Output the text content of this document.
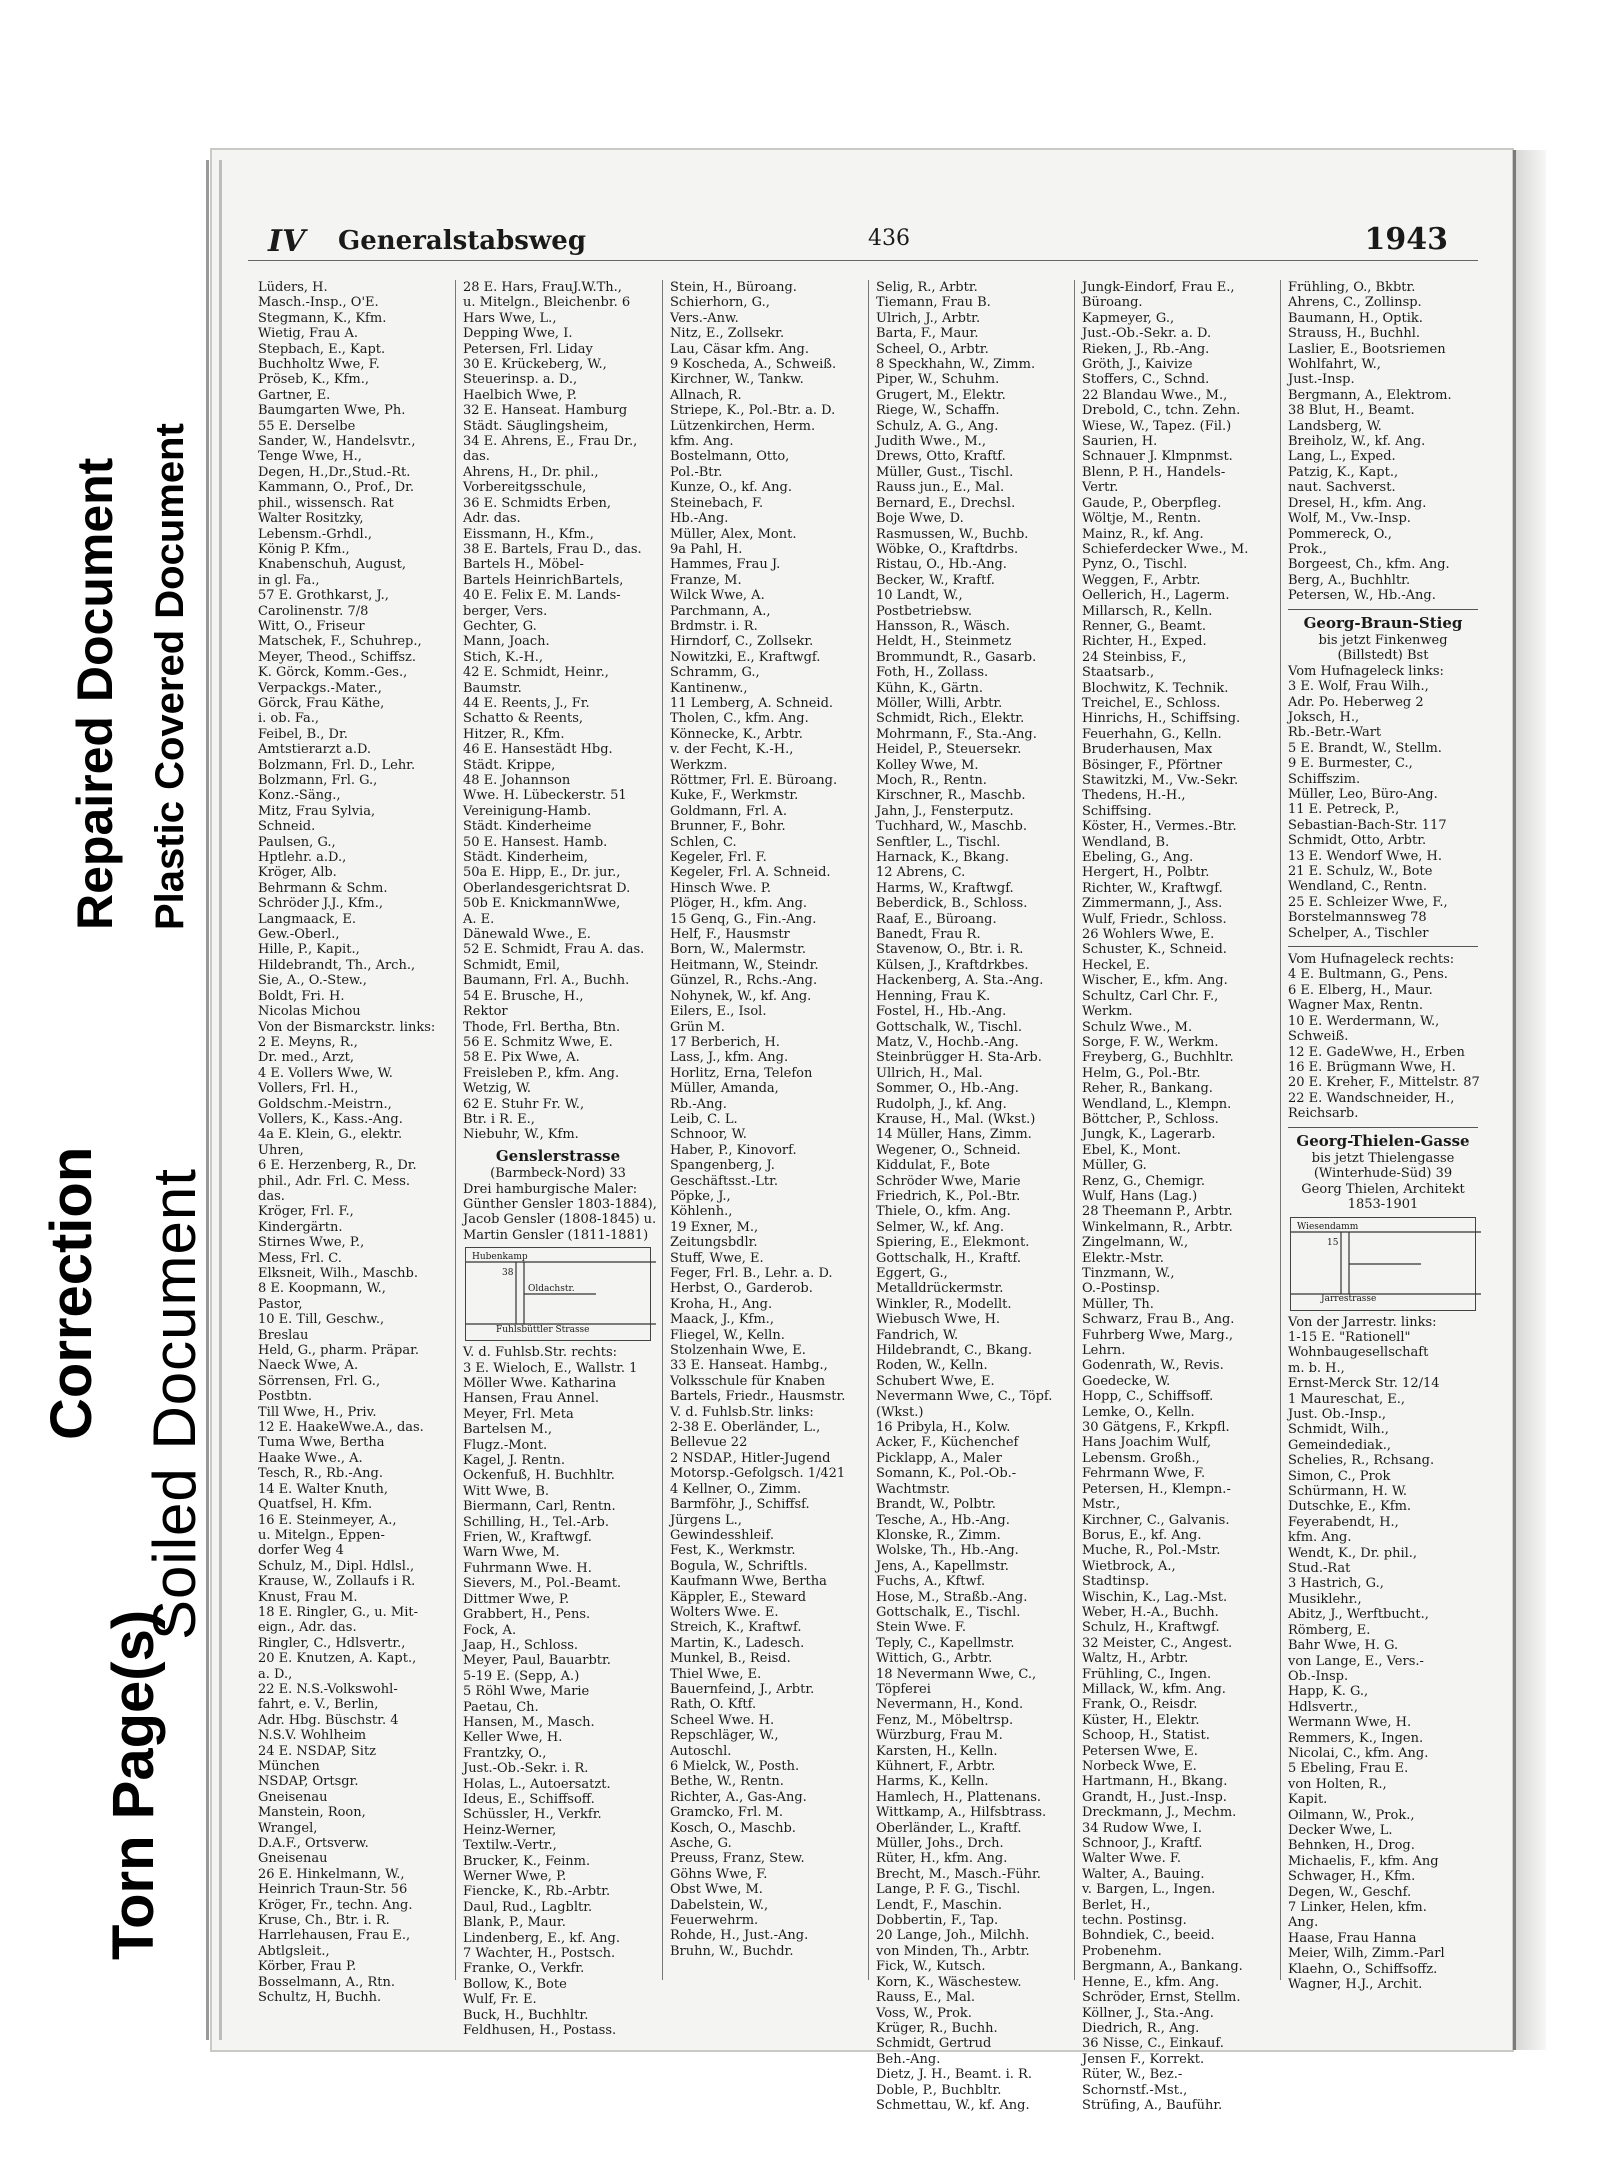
Torn Page(s)
Correction Soiled Document
Repaired Document Plastic Covered Document
IV Generalstabsweg	436	1943
Lüders, H.
Masch.-Insp., O'E.
Stegmann, K., Kfm.
Wietig, Frau A.
Stepbach, E., Kapt.
Buchholtz Wwe, F.
Pröseb, K., Kfm.,
Gartner, E.
Baumgarten Wwe, Ph.
55 E. Derselbe
Sander, W., Handelsvtr.,
Tenge Wwe, H.,
Degen, H.,Dr.,Stud.-Rt.
Kammann, O., Prof., Dr.
phil., wissensch. Rat
Walter Rositzky,
Lebensm.-Grhdl.,
König P. Kfm.,
Knabenschuh, August,
in gl. Fa.,
57 E. Grothkarst, J.,
Carolinenstr. 7/8
Witt, O., Friseur
Matschek, F., Schuhrep.,
Meyer, Theod., Schiffsz.
K. Görck, Komm.-Ges.,
Verpackgs.-Mater.,
Görck, Frau Käthe,
i. ob. Fa.,
Feibel, B., Dr.
Amtstierarzt a.D.
Bolzmann, Frl. D., Lehr.
Bolzmann, Frl. G.,
Konz.-Säng.,
Mitz, Frau Sylvia,
Schneid.
Paulsen, G.,
Hptlehr. a.D.,
Kröger, Alb.
Behrmann & Schm.
Schröder J.J., Kfm.,
Langmaack, E.
Gew.-Oberl.,
Hille, P., Kapit.,
Hildebrandt, Th., Arch.,
Sie, A., O.-Stew.,
Boldt, Fri. H.
Nicolas Michou
Von der Bismarckstr. links:
2 E. Meyns, R.,
Dr. med., Arzt,
4 E. Vollers Wwe, W.
Vollers, Frl. H.,
Goldschm.-Meistrn.,
Vollers, K., Kass.-Ang.
4a E. Klein, G., elektr.
Uhren,
6 E. Herzenberg, R., Dr.
phil., Adr. Frl. C. Mess.
das.
Kröger, Frl. F.,
Kindergärtn.
Stirnes Wwe, P.,
Mess, Frl. C.
Elksneit, Wilh., Maschb.
8 E. Koopmann, W.,
Pastor,
10 E. Till, Geschw.,
Breslau
Held, G., pharm. Präpar.
Naeck Wwe, A.
Sörrensen, Frl. G.,
Postbtn.
Till Wwe, H., Priv.
12 E. HaakeWwe.A., das.
Tuma Wwe, Bertha
Haake Wwe., A.
Tesch, R., Rb.-Ang.
14 E. Walter Knuth,
Quatfsel, H. Kfm.
16 E. Steinmeyer, A.,
u. Mitelgn., Eppen-
dorfer Weg 4
Schulz, M., Dipl. Hdlsl.,
Krause, W., Zollaufs i R.
Knust, Frau M.
18 E. Ringler, G., u. Mit-
eign., Adr. das.
Ringler, C., Hdlsvertr.,
20 E. Knutzen, A. Kapt.,
a. D.,
22 E. N.S.-Volkswohl-
fahrt, e. V., Berlin,
Adr. Hbg. Büschstr. 4
N.S.V. Wohlheim
24 E. NSDAP, Sitz
München
NSDAP, Ortsgr.
Gneisenau
Manstein, Roon,
Wrangel,
D.A.F., Ortsverw.
Gneisenau
26 E. Hinkelmann, W.,
Heinrich Traun-Str. 56
Kröger, Fr., techn. Ang.
Kruse, Ch., Btr. i. R.
Harrlehausen, Frau E.,
Abtlgsleit.,
Körber, Frau P.
Bosselmann, A., Rtn.
Schultz, H, Buchh.
28 E. Hars, FrauJ.W.Th.,
u. Mitelgn., Bleichenbr. 6
Hars Wwe, L.,
Depping Wwe, I.
Petersen, Frl. Liday
30 E. Krückeberg, W.,
Steuerinsp. a. D.,
Haelbich Wwe, P.
32 E. Hanseat. Hamburg
Städt. Säuglingsheim,
34 E. Ahrens, E., Frau Dr.,
das.
Ahrens, H., Dr. phil.,
Vorbereitgsschule,
36 E. Schmidts Erben,
Adr. das.
Eissmann, H., Kfm.,
38 E. Bartels, Frau D., das.
Bartels H., Möbel-
Bartels HeinrichBartels,
40 E. Felix E. M. Lands-
berger, Vers.
Gechter, G.
Mann, Joach.
Stich, K.-H.,
42 E. Schmidt, Heinr.,
Baumstr.
44 E. Reents, J., Fr.
Schatto & Reents,
Hitzer, R., Kfm.
46 E. Hansestädt Hbg.
Städt. Krippe,
48 E. Johannson
Wwe. H. Lübeckerstr. 51
Vereinigung-Hamb.
Städt. Kinderheime
50 E. Hansest. Hamb.
Städt. Kinderheim,
50a E. Hipp, E., Dr. jur.,
Oberlandesgerichtsrat D.
50b E. KnickmannWwe,
A. E.
Dänewald Wwe., E.
52 E. Schmidt, Frau A. das.
Schmidt, Emil,
Baumann, Frl. A., Buchh.
54 E. Brusche, H.,
Rektor
Thode, Frl. Bertha, Btn.
56 E. Schmitz Wwe, E.
58 E. Pix Wwe, A.
Freisleben P., kfm. Ang.
Wetzig, W.
62 E. Stuhr Fr. W.,
Btr. i R. E.,
Niebuhr, W., Kfm.
Genslerstrasse
(Barmbeck-Nord) 33
Drei hamburgische Maler:
Günther Gensler 1803-1884),
Jacob Gensler (1808-1845) u.
Martin Gensler (1811-1881)
Hubenkamp
Oldachstr.
Fuhlsbüttler Strasse
38
V. d. Fuhlsb.Str. rechts:
3 E. Wieloch, E., Wallstr. 1
Möller Wwe. Katharina
Hansen, Frau Annel.
Meyer, Frl. Meta
Bartelsen M.,
Flugz.-Mont.
Kagel, J. Rentn.
Ockenfuß, H. Buchhltr.
Witt Wwe, B.
Biermann, Carl, Rentn.
Schilling, H., Tel.-Arb.
Frien, W., Kraftwgf.
Warn Wwe, M.
Fuhrmann Wwe. H.
Sievers, M., Pol.-Beamt.
Dittmer Wwe, P.
Grabbert, H., Pens.
Fock, A.
Jaap, H., Schloss.
Meyer, Paul, Bauarbtr.
5-19 E. (Sepp, A.)
5 Röhl Wwe, Marie
Paetau, Ch.
Hansen, M., Masch.
Keller Wwe, H.
Frantzky, O.,
Just.-Ob.-Sekr. i. R.
Holas, L., Autoersatzt.
Ideus, E., Schiffsoff.
Schüssler, H., Verkfr.
Heinz-Werner,
Textilw.-Vertr.,
Brucker, K., Feinm.
Werner Wwe, P.
Fiencke, K., Rb.-Arbtr.
Daul, Rud., Lagbltr.
Blank, P., Maur.
Lindenberg, E., kf. Ang.
7 Wachter, H., Postsch.
Franke, O., Verkfr.
Bollow, K., Bote
Wulf, Fr. E.
Buck, H., Buchhltr.
Feldhusen, H., Postass.
Stein, H., Büroang.
Schierhorn, G.,
Vers.-Anw.
Nitz, E., Zollsekr.
Lau, Cäsar kfm. Ang.
9 Koscheda, A., Schweiß.
Kirchner, W., Tankw.
Allnach, R.
Striepe, K., Pol.-Btr. a. D.
Lützenkirchen, Herm.
kfm. Ang.
Bostelmann, Otto,
Pol.-Btr.
Kunze, O., kf. Ang.
Steinebach, F.
Hb.-Ang.
Müller, Alex, Mont.
9a Pahl, H.
Hammes, Frau J.
Franze, M.
Wilck Wwe, A.
Parchmann, A.,
Brdmstr. i. R.
Hirndorf, C., Zollsekr.
Nowitzki, E., Kraftwgf.
Schramm, G.,
Kantinenw.,
11 Lemberg, A. Schneid.
Tholen, C., kfm. Ang.
Könnecke, K., Arbtr.
v. der Fecht, K.-H.,
Werkzm.
Röttmer, Frl. E. Büroang.
Kuke, F., Werkmstr.
Goldmann, Frl. A.
Brunner, F., Bohr.
Schlen, C.
Kegeler, Frl. F.
Kegeler, Frl. A. Schneid.
Hinsch Wwe. P.
Plöger, H., kfm. Ang.
15 Genq, G., Fin.-Ang.
Helf, F., Hausmstr
Born, W., Malermstr.
Heitmann, W., Steindr.
Günzel, R., Rchs.-Ang.
Nohynek, W., kf. Ang.
Eilers, E., Isol.
Grün M.
17 Berberich, H.
Lass, J., kfm. Ang.
Horlitz, Erna, Telefon
Müller, Amanda,
Rb.-Ang.
Leib, C. L.
Schnoor, W.
Haber, P., Kinovorf.
Spangenberg, J.
Geschäftsst.-Ltr.
Pöpke, J.,
Köhlenh.,
19 Exner, M.,
Zeitungsbdlr.
Stuff, Wwe, E.
Feger, Frl. B., Lehr. a. D.
Herbst, O., Garderob.
Kroha, H., Ang.
Maack, J., Kfm.,
Fliegel, W., Kelln.
Stolzenhain Wwe, E.
33 E. Hanseat. Hambg.,
Volksschule für Knaben
Bartels, Friedr., Hausmstr.
V. d. Fuhlsb.Str. links:
2-38 E. Oberländer, L.,
Bellevue 22
2 NSDAP., Hitler-Jugend
Motorsp.-Gefolgsch. 1/421
4 Kellner, O., Zimm.
Barmföhr, J., Schiffsf.
Jürgens L.,
Gewindesshleif.
Fest, K., Werkmstr.
Bogula, W., Schriftls.
Kaufmann Wwe, Bertha
Käppler, E., Steward
Wolters Wwe. E.
Streich, K., Kraftwf.
Martin, K., Ladesch.
Munkel, B., Reisd.
Thiel Wwe, E.
Bauernfeind, J., Arbtr.
Rath, O. Kftf.
Scheel Wwe. H.
Repschläger, W.,
Autoschl.
6 Mielck, W., Posth.
Bethe, W., Rentn.
Richter, A., Gas-Ang.
Gramcko, Frl. M.
Kosch, O., Maschb.
Asche, G.
Preuss, Franz, Stew.
Göhns Wwe, F.
Obst Wwe, M.
Dabelstein, W.,
Feuerwehrm.
Rohde, H., Just.-Ang.
Bruhn, W., Buchdr.
Selig, R., Arbtr.
Tiemann, Frau B.
Ulrich, J., Arbtr.
Barta, F., Maur.
Scheel, O., Arbtr.
8 Speckhahn, W., Zimm.
Piper, W., Schuhm.
Grugert, M., Elektr.
Riege, W., Schaffn.
Schulz, A. G., Ang.
Judith Wwe., M.,
Drews, Otto, Kraftf.
Müller, Gust., Tischl.
Rauss jun., E., Mal.
Bernard, E., Drechsl.
Boje Wwe, D.
Rasmussen, W., Buchb.
Wöbke, O., Kraftdrbs.
Ristau, O., Hb.-Ang.
Becker, W., Kraftf.
10 Landt, W.,
Postbetriebsw.
Hansson, R., Wäsch.
Heldt, H., Steinmetz
Brommundt, R., Gasarb.
Foth, H., Zollass.
Kühn, K., Gärtn.
Möller, Willi, Arbtr.
Schmidt, Rich., Elektr.
Mohrmann, F., Sta.-Ang.
Heidel, P., Steuersekr.
Kolley Wwe, M.
Moch, R., Rentn.
Kirschner, R., Maschb.
Jahn, J., Fensterputz.
Tuchhard, W., Maschb.
Senftler, L., Tischl.
Harnack, K., Bkang.
12 Abrens, C.
Harms, W., Kraftwgf.
Beberdick, B., Schloss.
Raaf, E., Büroang.
Banedt, Frau R.
Stavenow, O., Btr. i. R.
Külsen, J., Kraftdrkbes.
Hackenberg, A. Sta.-Ang.
Henning, Frau K.
Fostel, H., Hb.-Ang.
Gottschalk, W., Tischl.
Matz, V., Hochb.-Ang.
Steinbrügger H. Sta-Arb.
Ullrich, H., Mal.
Sommer, O., Hb.-Ang.
Rudolph, J., kf. Ang.
Krause, H., Mal. (Wkst.)
14 Müller, Hans, Zimm.
Wegener, O., Schneid.
Kiddulat, F., Bote
Schröder Wwe, Marie
Friedrich, K., Pol.-Btr.
Thiele, O., kfm. Ang.
Selmer, W., kf. Ang.
Spiering, E., Elekmont.
Gottschalk, H., Kraftf.
Eggert, G.,
Metalldrückermstr.
Winkler, R., Modellt.
Wiebusch Wwe, H.
Fandrich, W.
Hildebrandt, C., Bkang.
Roden, W., Kelln.
Schubert Wwe, E.
Nevermann Wwe, C., Töpf.
(Wkst.)
16 Pribyla, H., Kolw.
Acker, F., Küchenchef
Picklapp, A., Maler
Somann, K., Pol.-Ob.-
Wachtmstr.
Brandt, W., Polbtr.
Tesche, A., Hb.-Ang.
Klonske, R., Zimm.
Wolske, Th., Hb.-Ang.
Jens, A., Kapellmstr.
Fuchs, A., Kftwf.
Hose, M., Straßb.-Ang.
Gottschalk, E., Tischl.
Stein Wwe. F.
Teply, C., Kapellmstr.
Wittich, G., Arbtr.
18 Nevermann Wwe, C.,
Töpferei
Nevermann, H., Kond.
Fenz, M., Möbeltrsp.
Würzburg, Frau M.
Karsten, H., Kelln.
Kühnert, F., Arbtr.
Harms, K., Kelln.
Hamlech, H., Plattenans.
Wittkamp, A., Hilfsbtrass.
Oberländer, L., Kraftf.
Müller, Johs., Drch.
Rüter, H., kfm. Ang.
Brecht, M., Masch.-Führ.
Lange, P. F. G., Tischl.
Lendt, F., Maschin.
Dobbertin, F., Tap.
20 Lange, Joh., Milchh.
von Minden, Th., Arbtr.
Fick, W., Kutsch.
Korn, K., Wäschestew.
Rauss, E., Mal.
Voss, W., Prok.
Krüger, R., Buchh.
Schmidt, Gertrud
Beh.-Ang.
Dietz, J. H., Beamt. i. R.
Doble, P., Buchbltr.
Schmettau, W., kf. Ang.
Jungk-Eindorf, Frau E.,
Büroang.
Kapmeyer, G.,
Just.-Ob.-Sekr. a. D.
Rieken, J., Rb.-Ang.
Gröth, J., Kaivize
Stoffers, C., Schnd.
22 Blandau Wwe., M.,
Drebold, C., tchn. Zehn.
Wiese, W., Tapez. (Fil.)
Saurien, H.
Schnauer J. Klmpnmst.
Blenn, P. H., Handels-
Vertr.
Gaude, P., Oberpfleg.
Wöltje, M., Rentn.
Mainz, R., kf. Ang.
Schieferdecker Wwe., M.
Pynz, O., Tischl.
Weggen, F., Arbtr.
Oellerich, H., Lagerm.
Millarsch, R., Kelln.
Renner, G., Beamt.
Richter, H., Exped.
24 Steinbiss, F.,
Staatsarb.,
Blochwitz, K. Technik.
Treichel, E., Schloss.
Hinrichs, H., Schiffsing.
Feuerhahn, G., Kelln.
Bruderhausen, Max
Bösinger, F., Pförtner
Stawitzki, M., Vw.-Sekr.
Thedens, H.-H.,
Schiffsing.
Köster, H., Vermes.-Btr.
Wendland, B.
Ebeling, G., Ang.
Hergert, H., Polbtr.
Richter, W., Kraftwgf.
Zimmermann, J., Ass.
Wulf, Friedr., Schloss.
26 Wohlers Wwe, E.
Schuster, K., Schneid.
Heckel, E.
Wischer, E., kfm. Ang.
Schultz, Carl Chr. F.,
Werkm.
Schulz Wwe., M.
Sorge, F. W., Werkm.
Freyberg, G., Buchhltr.
Helm, G., Pol.-Btr.
Reher, R., Bankang.
Wendland, L., Klempn.
Böttcher, P., Schloss.
Jungk, K., Lagerarb.
Ebel, K., Mont.
Müller, G.
Renz, G., Chemigr.
Wulf, Hans (Lag.)
28 Theemann P., Arbtr.
Winkelmann, R., Arbtr.
Zingelmann, W.,
Elektr.-Mstr.
Tinzmann, W.,
O.-Postinsp.
Müller, Th.
Schwarz, Frau B., Ang.
Fuhrberg Wwe, Marg.,
Lehrn.
Godenrath, W., Revis.
Goedecke, W.
Hopp, C., Schiffsoff.
Lemke, O., Kelln.
30 Gätgens, F., Krkpfl.
Hans Joachim Wulf,
Lebensm. Großh.,
Fehrmann Wwe, F.
Petersen, H., Klempn.-
Mstr.,
Kirchner, C., Galvanis.
Borus, E., kf. Ang.
Muche, R., Pol.-Mstr.
Wietbrock, A.,
Stadtinsp.
Wischin, K., Lag.-Mst.
Weber, H.-A., Buchh.
Schulz, H., Kraftwgf.
32 Meister, C., Angest.
Waltz, H., Arbtr.
Frühling, C., Ingen.
Millack, W., kfm. Ang.
Frank, O., Reisdr.
Küster, H., Elektr.
Schoop, H., Statist.
Petersen Wwe, E.
Norbeck Wwe, E.
Hartmann, H., Bkang.
Grandt, H., Just.-Insp.
Dreckmann, J., Mechm.
34 Rudow Wwe, I.
Schnoor, J., Kraftf.
Walter Wwe. F.
Walter, A., Bauing.
v. Bargen, L., Ingen.
Berlet, H.,
techn. Postinsg.
Bohndiek, C., beeid.
Probenehm.
Bergmann, A., Bankang.
Henne, E., kfm. Ang.
Schröder, Ernst, Stellm.
Köllner, J., Sta.-Ang.
Diedrich, R., Ang.
36 Nisse, C., Einkauf.
Jensen F., Korrekt.
Rüter, W., Bez.-
Schornstf.-Mst.,
Strüfing, A., Bauführ.
Frühling, O., Bkbtr.
Ahrens, C., Zollinsp.
Baumann, H., Optik.
Strauss, H., Buchhl.
Laslier, E., Bootsriemen
Wohlfahrt, W.,
Just.-Insp.
Bergmann, A., Elektrom.
38 Blut, H., Beamt.
Landsberg, W.
Breiholz, W., kf. Ang.
Lang, L., Exped.
Patzig, K., Kapt.,
naut. Sachverst.
Dresel, H., kfm. Ang.
Wolf, M., Vw.-Insp.
Pommereck, O.,
Prok.,
Borgeest, Ch., kfm. Ang.
Berg, A., Buchhltr.
Petersen, W., Hb.-Ang.
Georg-Braun-Stieg
bis jetzt Finkenweg
(Billstedt) Bst
Vom Hufnageleck links:
3 E. Wolf, Frau Wilh.,
Adr. Po. Heberweg 2
Joksch, H.,
Rb.-Betr.-Wart
5 E. Brandt, W., Stellm.
9 E. Burmester, C.,
Schiffszim.
Müller, Leo, Büro-Ang.
11 E. Petreck, P.,
Sebastian-Bach-Str. 117
Schmidt, Otto, Arbtr.
13 E. Wendorf Wwe, H.
21 E. Schulz, W., Bote
Wendland, C., Rentn.
25 E. Schleizer Wwe, F.,
Borstelmannsweg 78
Schelper, A., Tischler
Vom Hufnageleck rechts:
4 E. Bultmann, G., Pens.
6 E. Elberg, H., Maur.
Wagner Max, Rentn.
10 E. Werdermann, W.,
Schweiß.
12 E. GadeWwe, H., Erben
16 E. Brügmann Wwe, H.
20 E. Kreher, F., Mittelstr. 87
22 E. Wandschneider, H.,
Reichsarb.
Georg-Thielen-Gasse
bis jetzt Thielengasse
(Winterhude-Süd) 39
Georg Thielen, Architekt
1853-1901
Wiesendamm
Jarrestrasse
15
Von der Jarrestr. links:
1-15 E. "Rationell"
Wohnbaugesellschaft
m. b. H.,
Ernst-Merck Str. 12/14
1 Maureschat, E.,
Just. Ob.-Insp.,
Schmidt, Wilh.,
Gemeindediak.,
Schelies, R., Rchsang.
Simon, C., Prok
Schürmann, H. W.
Dutschke, E., Kfm.
Feyerabendt, H.,
kfm. Ang.
Wendt, K., Dr. phil.,
Stud.-Rat
3 Hastrich, G.,
Musiklehr.,
Abitz, J., Werftbucht.,
Römberg, E.
Bahr Wwe, H. G.
von Lange, E., Vers.-
Ob.-Insp.
Happ, K. G.,
Hdlsvertr.,
Wermann Wwe, H.
Remmers, K., Ingen.
Nicolai, C., kfm. Ang.
5 Ebeling, Frau E.
von Holten, R.,
Kapit.
Oilmann, W., Prok.,
Decker Wwe, L.
Behnken, H., Drog.
Michaelis, F., kfm. Ang
Schwager, H., Kfm.
Degen, W., Geschf.
7 Linker, Helen, kfm.
Ang.
Haase, Frau Hanna
Meier, Wilh, Zimm.-Parl
Klaehn, O., Schiffsoffz.
Wagner, H.J., Archit.
